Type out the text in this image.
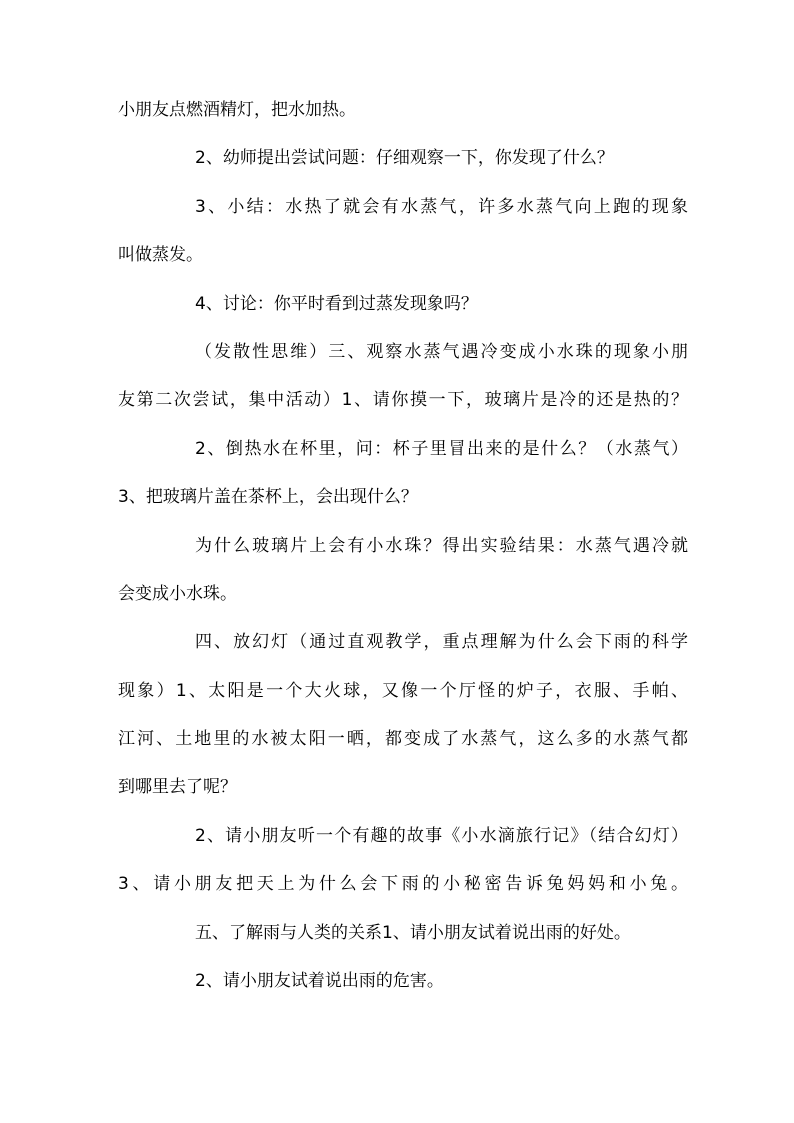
小朋友点燃酒精灯，把水加热。
2、幼师提出尝试问题：仔细观察一下，你发现了什么？
3、小结：水热了就会有水蒸气，许多水蒸气向上跑的现象
叫做蒸发。
4、讨论：你平时看到过蒸发现象吗？
（发散性思维）三、观察水蒸气遇冷变成小水珠的现象小朋
友第二次尝试，集中活动）1、请你摸一下，玻璃片是冷的还是热的？
2、倒热水在杯里，问：杯子里冒出来的是什么？（水蒸气）
3、把玻璃片盖在茶杯上，会出现什么？
为什么玻璃片上会有小水珠？得出实验结果：水蒸气遇冷就
会变成小水珠。
四、放幻灯（通过直观教学，重点理解为什么会下雨的科学
现象）1、太阳是一个大火球，又像一个厅怪的炉子，衣服、手帕、
江河、土地里的水被太阳一晒，都变成了水蒸气，这么多的水蒸气都
到哪里去了呢？
2、请小朋友听一个有趣的故事《小水滴旅行记》（结合幻灯）
3、请小朋友把天上为什么会下雨的小秘密告诉兔妈妈和小兔。
五、了解雨与人类的关系1、请小朋友试着说出雨的好处。
2、请小朋友试着说出雨的危害。
